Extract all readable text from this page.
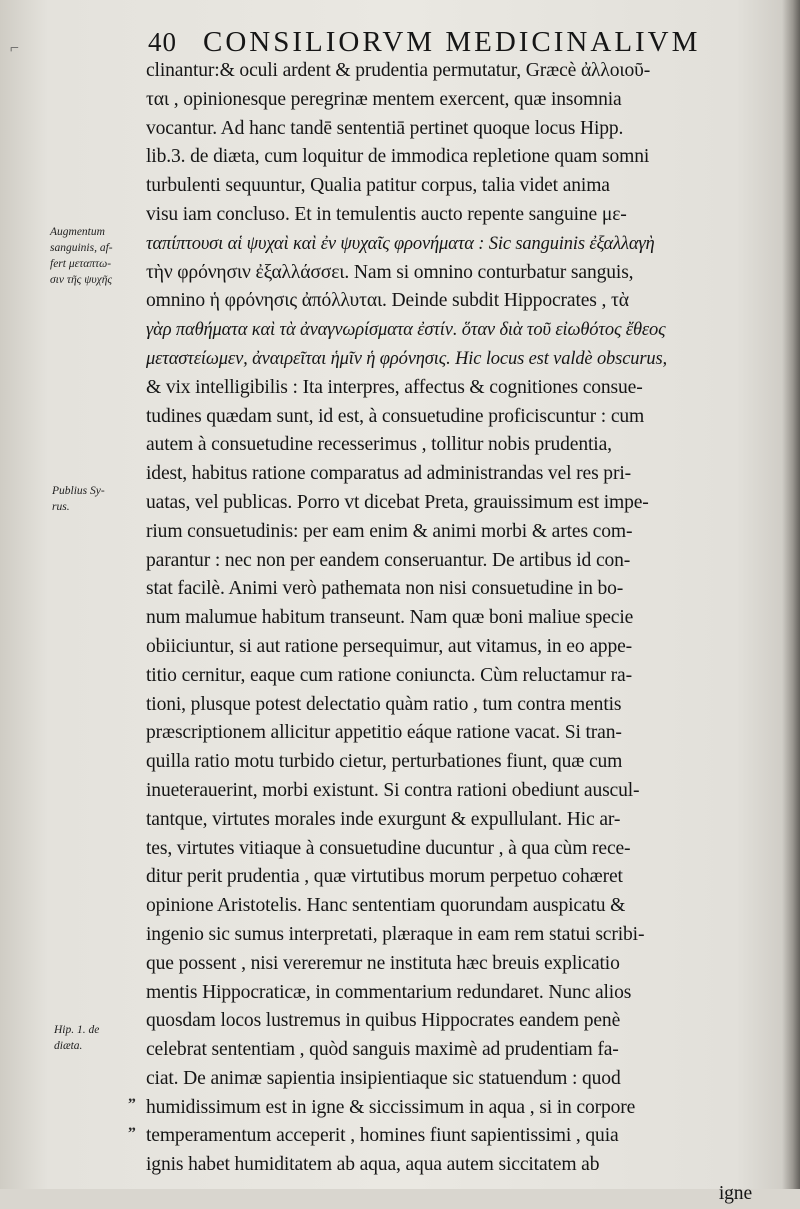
⌐	40 CONSILIORVM MEDICINALIVM
clinantur:& oculi ardent & prudentia permutatur, Græcè ἀλλοιοῦ-
ται , opinionesque peregrinæ mentem exercent, quæ insomnia
vocantur. Ad hanc tandē sententiā pertinet quoque locus Hipp.
lib.3. de diæta, cum loquitur de immodica repletione quam somni
turbulenti sequuntur, Qualia patitur corpus, talia videt anima
visu iam concluso. Et in temulentis aucto repente sanguine με-
ταπίπτουσι αἱ ψυχαὶ καὶ ἐν ψυχαῖς φρονήματα : Sic sanguinis ἐξαλλαγὴ
τὴν φρόνησιν ἐξαλλάσσει. Nam si omnino conturbatur sanguis,
omnino ἡ φρόνησις ἀπόλλυται. Deinde subdit Hippocrates , τὰ
γὰρ παθήματα καὶ τὰ ἀναγνωρίσματα ἐστίν. ὅταν διὰ τοῦ εἰωθότος ἔθεος
μεταστείωμεν, ἀναιρεῖται ἡμῖν ἡ φρόνησις. Hic locus est valdè obscurus,
& vix intelligibilis : Ita interpres, affectus & cognitiones consue-
tudines quædam sunt, id est, à consuetudine proficiscuntur : cum
autem à consuetudine recesserimus , tollitur nobis prudentia,
idest, habitus ratione comparatus ad administrandas vel res pri-
uatas, vel publicas. Porro vt dicebat Preta, grauissimum est impe-
rium consuetudinis: per eam enim & animi morbi & artes com-
parantur : nec non per eandem conseruantur. De artibus id con-
stat facilè. Animi verò pathemata non nisi consuetudine in bo-
num malumue habitum transeunt. Nam quæ boni maliue specie
obiiciuntur, si aut ratione persequimur, aut vitamus, in eo appe-
titio cernitur, eaque cum ratione coniuncta. Cùm reluctamur ra-
tioni, plusque potest delectatio quàm ratio , tum contra mentis
præscriptionem allicitur appetitio eáque ratione vacat. Si tran-
quilla ratio motu turbido cietur, perturbationes fiunt, quæ cum
inueterauerint, morbi existunt. Si contra rationi obediunt auscul-
tantque, virtutes morales inde exurgunt & expullulant. Hic ar-
tes, virtutes vitiaque à consuetudine ducuntur , à qua cùm rece-
ditur perit prudentia , quæ virtutibus morum perpetuo cohæret
opinione Aristotelis. Hanc sententiam quorundam auspicatu &
ingenio sic sumus interpretati, plæraque in eam rem statui scribi-
que possent , nisi vereremur ne instituta hæc breuis explicatio
mentis Hippocraticæ, in commentarium redundaret. Nunc alios
quosdam locos lustremus in quibus Hippocrates eandem penè
celebrat sententiam , quòd sanguis maximè ad prudentiam fa-
ciat. De animæ sapientia insipientiaque sic statuendum : quod
humidissimum est in igne & siccissimum in aqua , si in corpore
temperamentum acceperit , homines fiunt sapientissimi , quia
ignis habet humiditatem ab aqua, aqua autem siccitatem ab
igne
Augmentum
sanguinis, af-
fert μεταπτω-
σιν τῆς ψυχῆς
Publius Sy-
rus.
Hip. 1. de
diæta.
„
„
